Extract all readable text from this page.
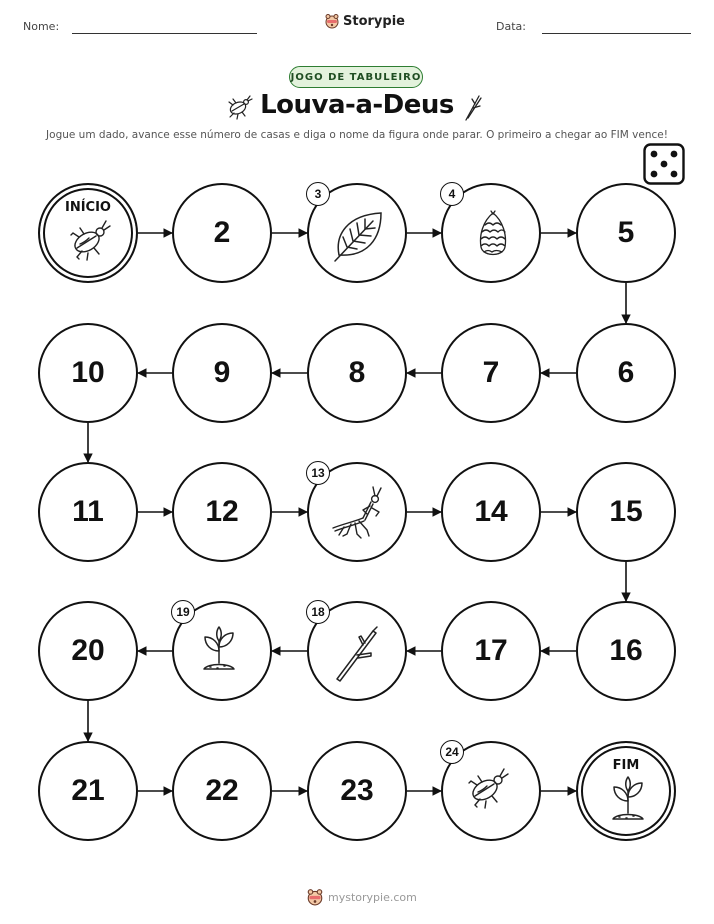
Nome:	Storypie	Data:
JOGO DE TABULEIRO
Louva-a-Deus
Jogue um dado, avance esse número de casas e diga o nome da figura onde parar. O primeiro a chegar ao FIM vence!
INÍCIO
2
3	4
5
6
7
8
9
10
11	12
13
14	15
16
17
18
19
20
21	22	23
24
FIM
mystorypie.com
